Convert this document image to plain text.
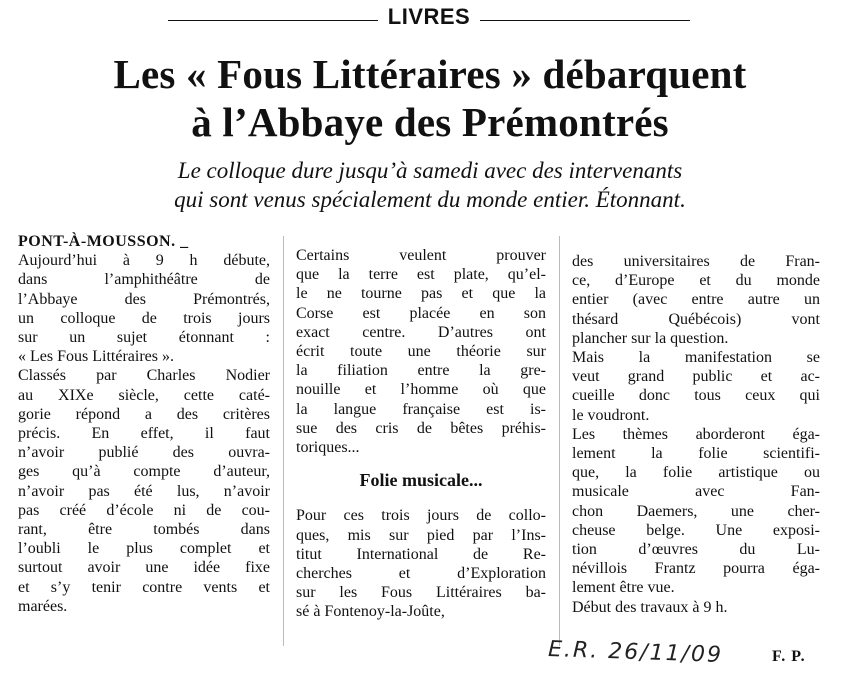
LIVRES
Les « Fous Littéraires » débarquent
à l’Abbaye des Prémontrés
Le colloque dure jusqu’à samedi avec des intervenants
qui sont venus spécialement du monde entier. Étonnant.
PONT-À-MOUSSON. _

Aujourd’hui à 9 h débute,
dans l’amphithéâtre de
l’Abbaye des Prémontrés,
un colloque de trois jours
sur un sujet étonnant :
« Les Fous Littéraires ».

Classés par Charles Nodier
au XIXe siècle, cette caté-
gorie répond a des critères
précis. En effet, il faut
n’avoir publié des ouvra-
ges qu’à compte d’auteur,
n’avoir pas été lus, n’avoir
pas créé d’école ni de cou-
rant, être tombés dans
l’oubli le plus complet et
surtout avoir une idée fixe
et s’y tenir contre vents et
marées.

Certains veulent prouver
que la terre est plate, qu’el-
le ne tourne pas et que la
Corse est placée en son
exact centre. D’autres ont
écrit toute une théorie sur
la filiation entre la gre-
nouille et l’homme où que
la langue française est is-
sue des cris de bêtes préhis-
toriques...

Folie musicale...

Pour ces trois jours de collo-
ques, mis sur pied par l’Ins-
titut International de Re-
cherches et d’Exploration
sur les Fous Littéraires ba-
sé à Fontenoy-la-Joûte,

des universitaires de Fran-
ce, d’Europe et du monde
entier (avec entre autre un
thésard Québécois) vont
plancher sur la question.

Mais la manifestation se
veut grand public et ac-
cueille donc tous ceux qui
le voudront.

Les thèmes aborderont éga-
lement la folie scientifi-
que, la folie artistique ou
musicale avec Fan-
chon Daemers, une cher-
cheuse belge. Une exposi-
tion d’œuvres du Lu-
névillois Frantz pourra éga-
lement être vue.

Début des travaux à 9 h.

E.R. 26/11/09	F. P.
